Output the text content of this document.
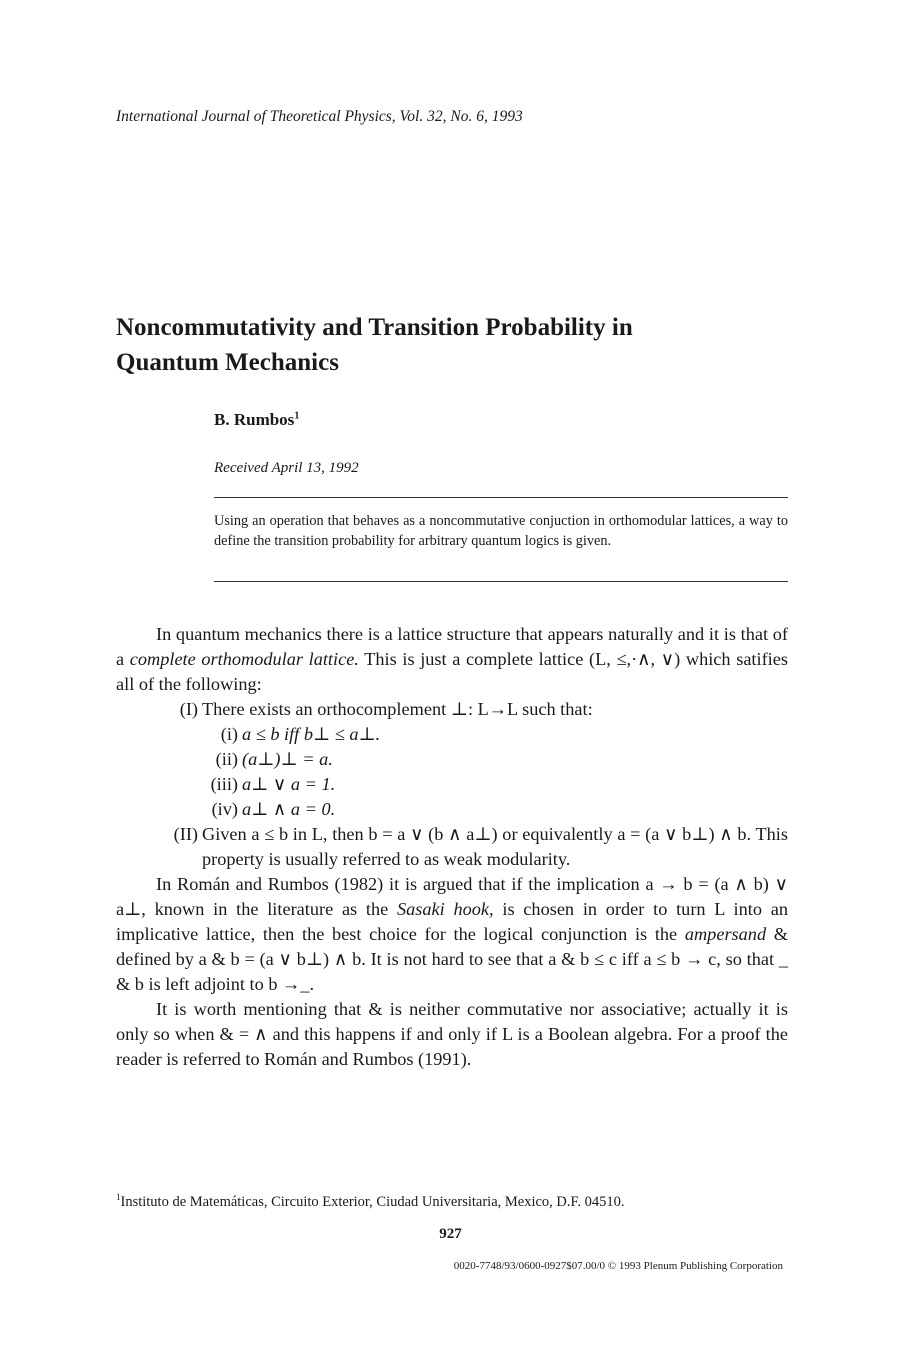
International Journal of Theoretical Physics, Vol. 32, No. 6, 1993
Noncommutativity and Transition Probability in
Quantum Mechanics
B. Rumbos$^1$
Received April 13, 1992

Using an operation that behaves as a noncommutative conjuction in orthomodular lattices, a way to define the transition probability for arbitrary quantum logics is given.

In quantum mechanics there is a lattice structure that appears naturally and it is that of a complete orthomodular lattice. This is just a complete lattice (L, ≤,·∧, ∨) which satifies all of the following:

(I) There exists an orthocomplement ⊥: L→L such that:
(i) a ≤ b iff b⊥ ≤ a⊥.
(ii) (a⊥)⊥ = a.
(iii) a⊥ ∨ a = 1.
(iv) a⊥ ∧ a = 0.
(II) Given a ≤ b in L, then b = a ∨ (b ∧ a⊥) or equivalently a = (a ∨ b⊥) ∧ b. This property is usually referred to as weak modularity.

In Román and Rumbos (1982) it is argued that if the implication a → b = (a ∧ b) ∨ a⊥, known in the literature as the Sasaki hook, is chosen in order to turn L into an implicative lattice, then the best choice for the logical conjunction is the ampersand & defined by a & b = (a ∨ b⊥) ∧ b. It is not hard to see that a & b ≤ c iff a ≤ b → c, so that _ & b is left adjoint to b →_.

It is worth mentioning that & is neither commutative nor associative; actually it is only so when & = ∧ and this happens if and only if L is a Boolean algebra. For a proof the reader is referred to Román and Rumbos (1991).

$^1$Instituto de Matemáticas, Circuito Exterior, Ciudad Universitaria, Mexico, D.F. 04510.
927
0020-7748/93/0600-0927$07.00/0 © 1993 Plenum Publishing Corporation
